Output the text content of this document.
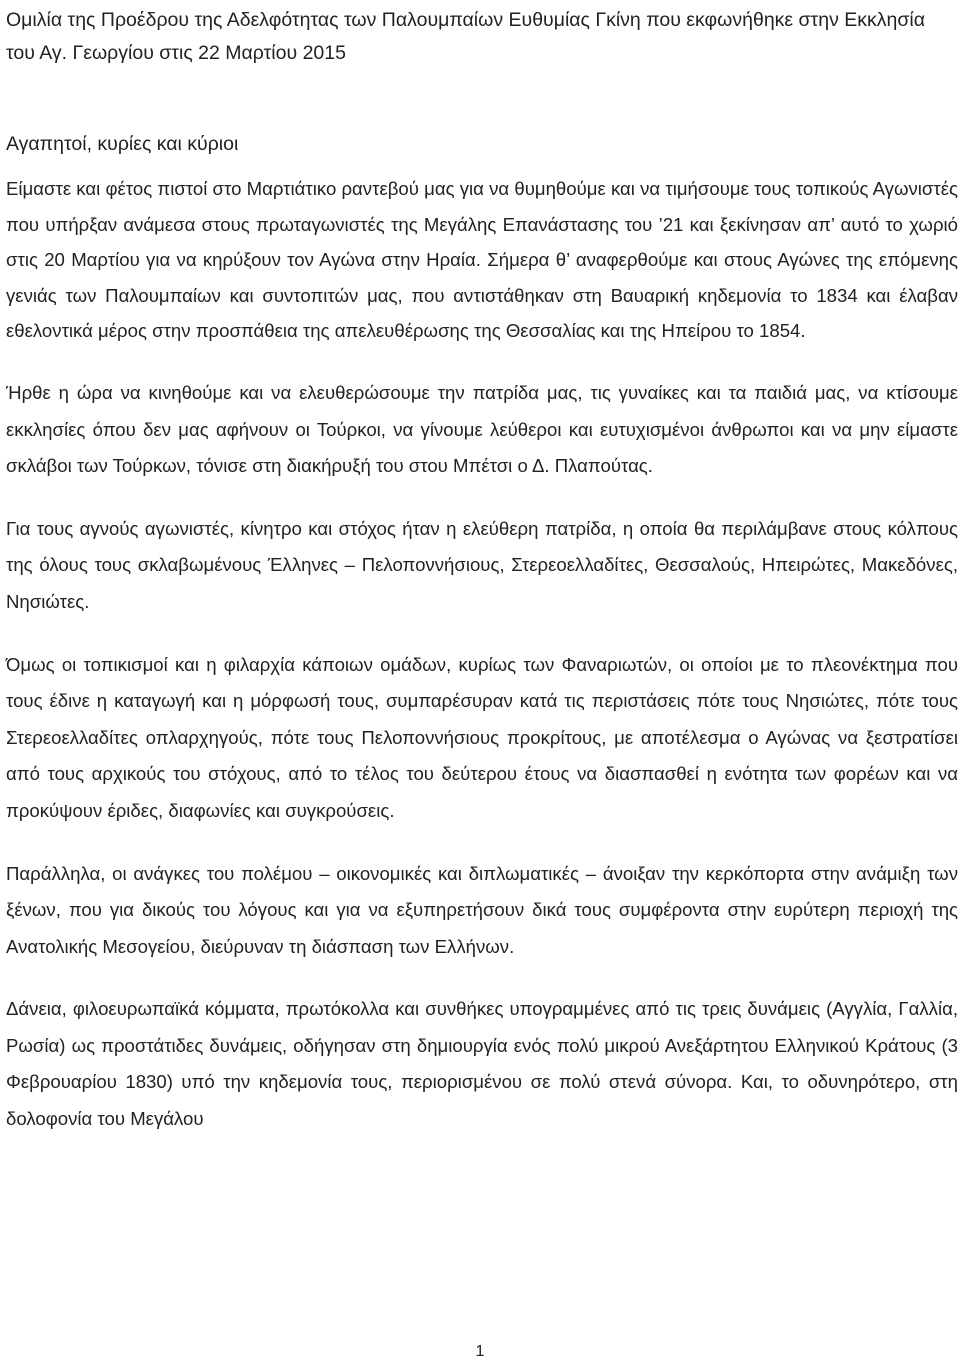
Ομιλία της Προέδρου της Αδελφότητας των Παλουμπαίων Ευθυμίας Γκίνη που εκφωνήθηκε στην Εκκλησία του Αγ. Γεωργίου στις 22 Μαρτίου 2015

Αγαπητοί, κυρίες και κύριοι

Είμαστε και φέτος πιστοί στο Μαρτιάτικο ραντεβού μας για να θυμηθούμε και να τιμήσουμε τους τοπικούς Αγωνιστές που υπήρξαν ανάμεσα στους πρωταγωνιστές της Μεγάλης Επανάστασης του ’21 και ξεκίνησαν απ’ αυτό το χωριό στις 20 Μαρτίου για να κηρύξουν τον Αγώνα στην Ηραία. Σήμερα θ’ αναφερθούμε και στους Αγώνες της επόμενης γενιάς των Παλουμπαίων και συντοπιτών μας, που αντιστάθηκαν στη Βαυαρική κηδεμονία το 1834 και έλαβαν εθελοντικά μέρος στην προσπάθεια της απελευθέρωσης της Θεσσαλίας και της Ηπείρου το 1854.

Ήρθε η ώρα να κινηθούμε και να ελευθερώσουμε την πατρίδα μας, τις γυναίκες και τα παιδιά μας, να κτίσουμε εκκλησίες όπου δεν μας αφήνουν οι Τούρκοι, να γίνουμε λεύθεροι και ευτυχισμένοι άνθρωποι και να μην είμαστε σκλάβοι των Τούρκων, τόνισε στη διακήρυξή του στου Μπέτσι ο Δ. Πλαπούτας.

Για τους αγνούς αγωνιστές, κίνητρο και στόχος ήταν η ελεύθερη πατρίδα, η οποία θα περιλάμβανε στους κόλπους της όλους τους σκλαβωμένους Έλληνες – Πελοποννήσιους, Στερεοελλαδίτες, Θεσσαλούς, Ηπειρώτες, Μακεδόνες, Νησιώτες.

Όμως οι τοπικισμοί και η φιλαρχία κάποιων ομάδων, κυρίως των Φαναριωτών, οι οποίοι με το πλεονέκτημα που τους έδινε η καταγωγή και η μόρφωσή τους, συμπαρέσυραν κατά τις περιστάσεις πότε τους Νησιώτες, πότε τους Στερεοελλαδίτες οπλαρχηγούς, πότε τους Πελοποννήσιους προκρίτους, με αποτέλεσμα ο Αγώνας να ξεστρατίσει από τους αρχικούς του στόχους, από το τέλος του δεύτερου έτους να διασπασθεί η ενότητα των φορέων και να προκύψουν έριδες, διαφωνίες και συγκρούσεις.

Παράλληλα, οι ανάγκες του πολέμου – οικονομικές και διπλωματικές – άνοιξαν την κερκόπορτα στην ανάμιξη των ξένων, που για δικούς του λόγους και για να εξυπηρετήσουν δικά τους συμφέροντα στην ευρύτερη περιοχή της Ανατολικής Μεσογείου, διεύρυναν τη διάσπαση των Ελλήνων.

Δάνεια, φιλοευρωπαϊκά κόμματα, πρωτόκολλα και συνθήκες υπογραμμένες από τις τρεις δυνάμεις (Αγγλία, Γαλλία, Ρωσία) ως προστάτιδες δυνάμεις, οδήγησαν στη δημιουργία ενός πολύ μικρού Ανεξάρτητου Ελληνικού Κράτους (3 Φεβρουαρίου 1830) υπό την κηδεμονία τους, περιορισμένου σε πολύ στενά σύνορα. Και, το οδυνηρότερο, στη δολοφονία του Μεγάλου

1
